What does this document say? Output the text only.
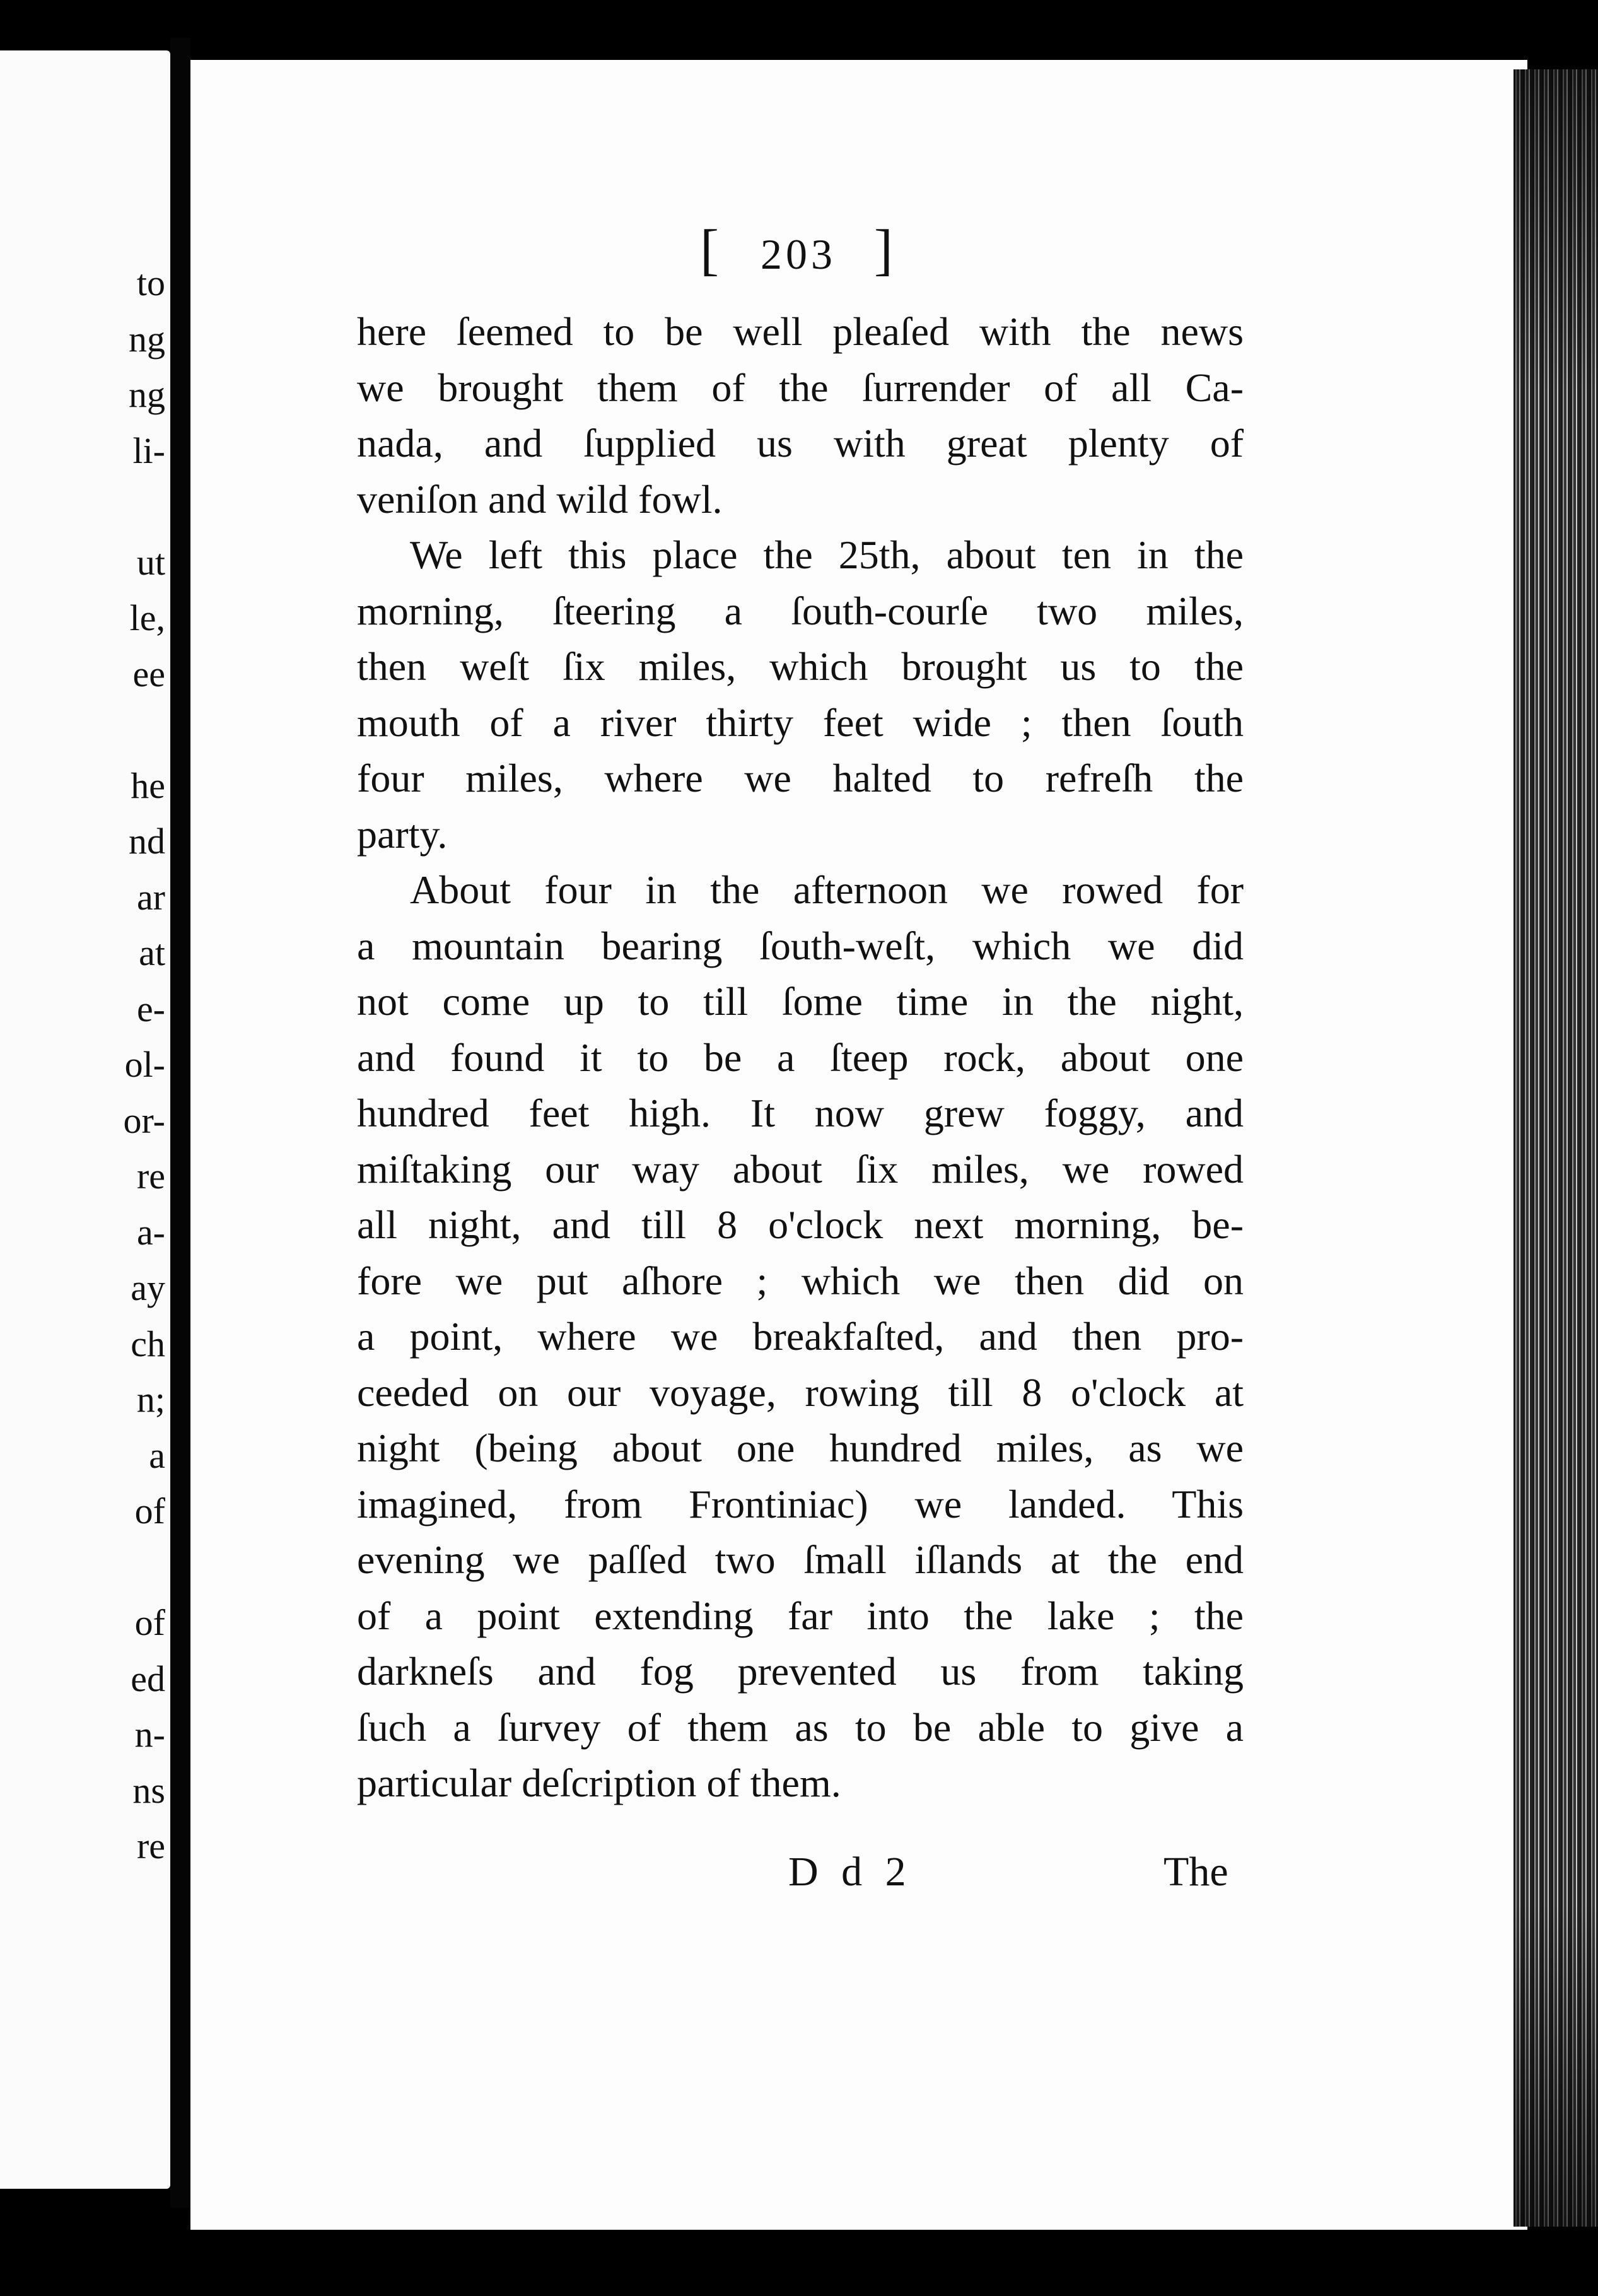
to
ng
ng
li-
ut
le,
ee
he
nd
ar
at
e-
ol-
or-
re
a-
ay
ch
n;
a
of
of
ed
n-
ns
re
[ 203 ]
here ſeemed to be well pleaſed with the news
we brought them of the ſurrender of all Ca-
nada, and ſupplied us with great plenty of
veniſon and wild fowl.
We left this place the 25th, about ten in the
morning, ſteering a ſouth-courſe two miles,
then weſt ſix miles, which brought us to the
mouth of a river thirty feet wide ; then ſouth
four miles, where we halted to refreſh the
party.
About four in the afternoon we rowed for
a mountain bearing ſouth-weſt, which we did
not come up to till ſome time in the night,
and found it to be a ſteep rock, about one
hundred feet high. It now grew foggy, and
miſtaking our way about ſix miles, we rowed
all night, and till 8 o'clock next morning, be-
fore we put aſhore ; which we then did on
a point, where we breakfaſted, and then pro-
ceeded on our voyage, rowing till 8 o'clock at
night (being about one hundred miles, as we
imagined, from Frontiniac) we landed. This
evening we paſſed two ſmall iſlands at the end
of a point extending far into the lake ; the
darkneſs and fog prevented us from taking
ſuch a ſurvey of them as to be able to give a
particular deſcription of them.
D d 2	The
